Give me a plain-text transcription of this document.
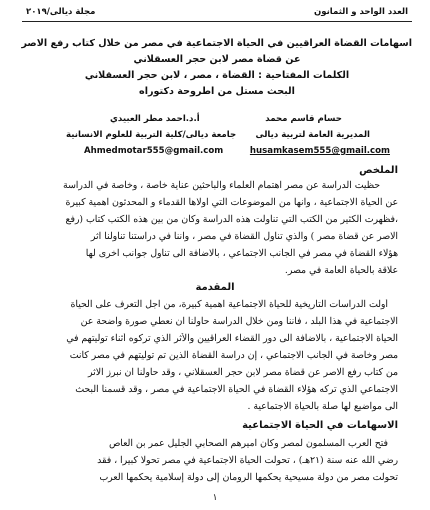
العدد الواحد و الثمانون
مجلة ديالى/٢٠١٩
اسهامات القضاة العراقيين في الحياة الاجتماعية في مصر من خلال كتاب رفع الاصر
عن قضاة مصر لابن حجر العسقلاني
الكلمات المفتاحية : القضاة ، مصر ، لابن حجر العسقلاني
البحث مستل من اطروحة دكتوراه
حسام قاسم محمد
المديرية العامة لتربية ديالى
husamkasem555@gmail.com
أ.د.احمد مطر العبيدي
جامعة ديالى/كلية التربية للعلوم الانسانية
Ahmedmotar555@gmail.com
الملخص
حظيت الدراسة عن مصر اهتمام العلماء والباحثين عناية خاصة ، وخاصة في الدراسة
عن الحياة الاجتماعية ، وانها من الموضوعات التي اولاها القدماء و المحدثون اهمية كبيرة
،فظهرت الكثير من الكتب التي تناولت هذه الدراسة وكان من بين هذه الكتب كتاب (رفع
الاصر عن قضاة مصر ) والذي تناول القضاة في مصر ، واننا في دراستنا تناولنا اثر
هؤلاء القضاة في مصر في الجانب الاجتماعي ، بالاضافة الى تناول جوانب اخرى لها
علاقة بالحياة العامة في مصر.
المقدمة
أولت الدراسات التاريخية للحياة الاجتماعية اهمية كبيرة، من اجل التعرف على الحياة
الاجتماعية في هذا البلد ، فاننا ومن خلال الدراسة حاولنا ان نعطي صورة واضحة عن
الحياة الاجتماعية ، بالاضافة الى دور القضاء العراقيين والأثر الذي تركوه أثناء توليتهم في
مصر وخاصة في الجانب الاجتماعي ، إن دراسة القضاة الذين تم توليتهم في مصر كانت
من كتاب رفع الاصر عن قضاة مصر لابن حجر العسقلاني ، وقد حاولنا ان نبرز الاثر
الاجتماعي الذي تركه هؤلاء القضاة في الحياة الاجتماعية في مصر ، وقد قسمنا البحث
الى مواضيع لها صلة بالحياة الاجتماعية .
الاسهامات في الحياة الاجتماعية
فتح العرب المسلمون لمصر وكان اميرهم الصحابي الجليل عمر بن العاص
رضي الله عنه سنة (٢١هـ) ، تحولت الحياة الاجتماعية في مصر تحولا كبيرا ، فقد
تحولت مصر من دولة مسيحية يحكمها الرومان إلى دولة إسلامية يحكمها العرب
١
